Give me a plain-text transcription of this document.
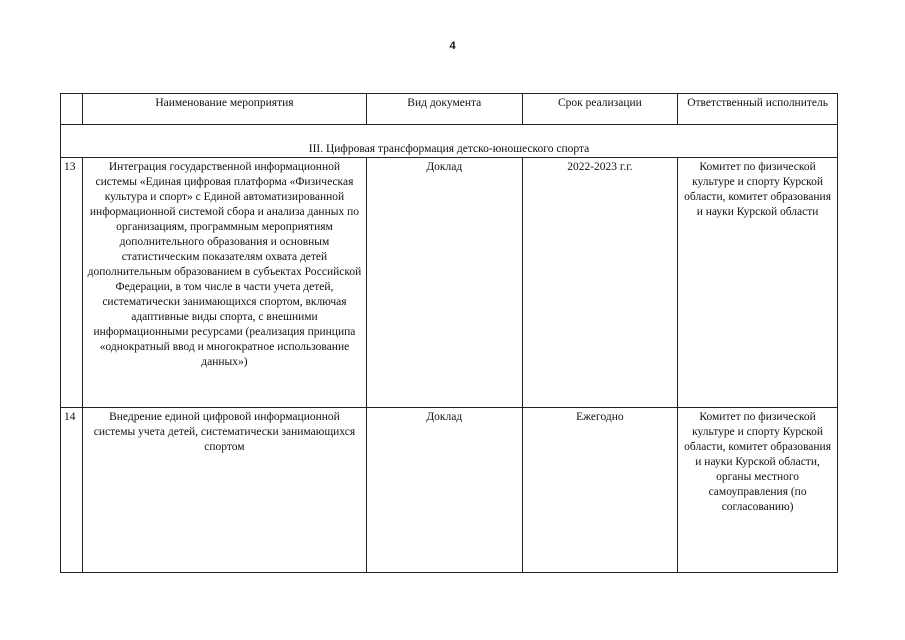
4
	Наименование мероприятия	Вид документа	Срок реализации	Ответственный исполнитель

III. Цифровая трансформация детско-юношеского спорта				
13	Интеграция государственной информационной системы «Единая цифровая платформа «Физическая культура и спорт» с Единой автоматизированной информационной системой сбора и анализа данных по организациям, программным мероприятиям дополнительного образования и основным статистическим показателям охвата детей дополнительным образованием в субъектах Российской Федерации, в том числе в части учета детей, систематически занимающихся спортом, включая адаптивные виды спорта, с внешними информационными ресурсами (реализация принципа «однократный ввод и многократное использование данных»)	Доклад	2022-2023 г.г.	Комитет по физической культуре и спорту Курской области, комитет образования и науки Курской области
14	Внедрение единой цифровой информационной системы учета детей, систематически занимающихся спортом	Доклад	Ежегодно	Комитет по физической культуре и спорту Курской области, комитет образования и науки Курской области, органы местного самоуправления (по согласованию)
